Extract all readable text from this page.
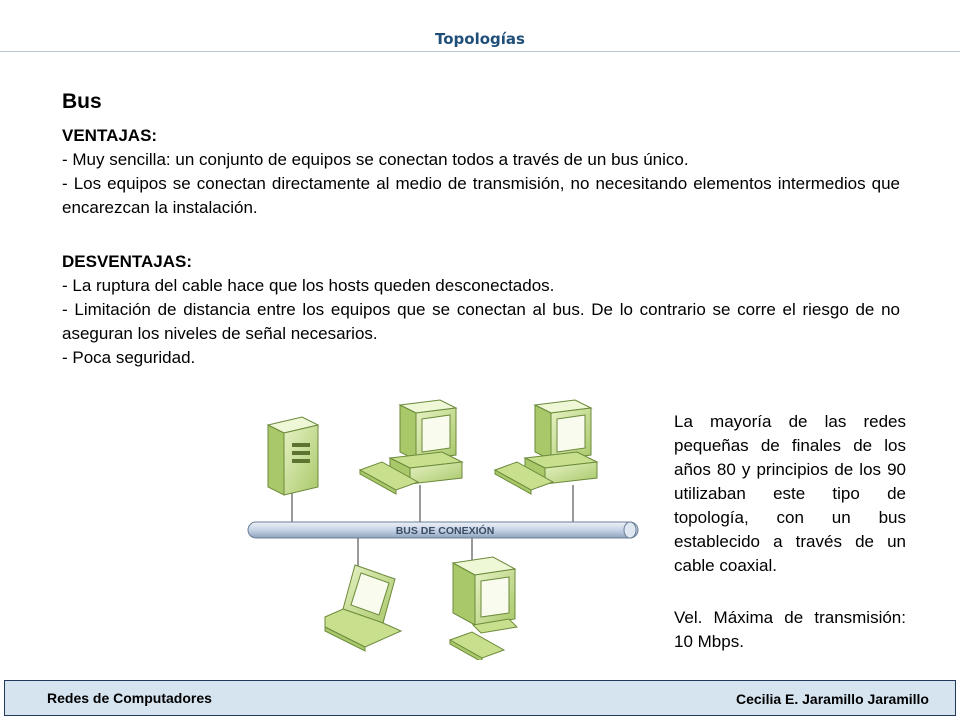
Topologías
Bus

VENTAJAS:

- Muy sencilla: un conjunto de equipos se conectan todos a través de un bus único.

- Los equipos se conectan directamente al medio de transmisión, no necesitando elementos intermedios que encarezcan la instalación.

DESVENTAJAS:

- La ruptura del cable hace que los hosts queden desconectados.

- Limitación de distancia entre los equipos que se conectan al bus. De lo contrario se corre el riesgo de no aseguran los niveles de señal necesarios.

- Poca seguridad.

BUS DE CONEXIÓN
La mayoría de las redes pequeñas de finales de los años 80 y principios de los 90 utilizaban este tipo de topología, con un bus establecido a través de un cable coaxial.
Vel. Máxima de transmisión: 10 Mbps.
Redes de Computadores	Cecilia E. Jaramillo Jaramillo
